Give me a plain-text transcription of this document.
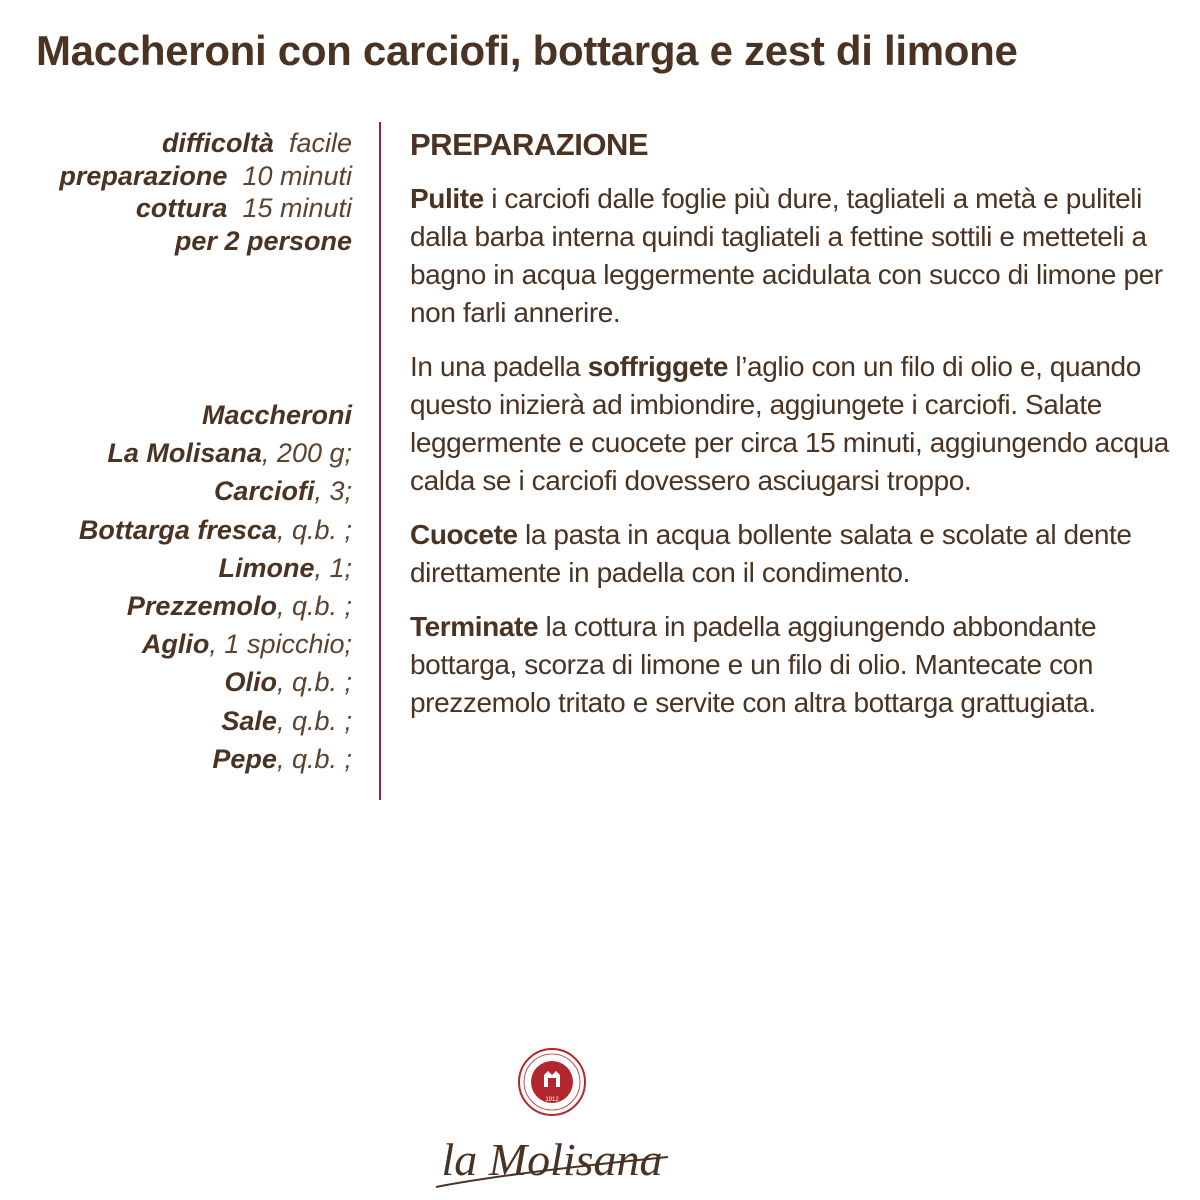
Maccheroni con carciofi, bottarga e zest di limone
difficoltà facile
preparazione 10 minuti
cottura 15 minuti
per 2 persone
Maccheroni
La Molisana, 200 g;
Carciofi, 3;
Bottarga fresca, q.b. ;
Limone, 1;
Prezzemolo, q.b. ;
Aglio, 1 spicchio;
Olio, q.b. ;
Sale, q.b. ;
Pepe, q.b. ;
PREPARAZIONE

Pulite i carciofi dalle foglie più dure, tagliateli a metà e puliteli dalla barba interna quindi tagliateli a fettine sottili e metteteli a bagno in acqua leggermente acidulata con succo di limone per non farli annerire.

In una padella soffriggete l’aglio con un filo di olio e, quando questo inizierà ad imbiondire, aggiungete i carciofi. Salate leggermente e cuocete per circa 15 minuti, aggiungendo acqua calda se i carciofi dovessero asciugarsi troppo.

Cuocete la pasta in acqua bollente salata e scolate al dente direttamente in padella con il condimento.

Terminate la cottura in padella aggiungendo abbondante bottarga, scorza di limone e un filo di olio. Mantecate con prezzemolo tritato e servite con altra bottarga grattugiata.

1912
la Molisana
